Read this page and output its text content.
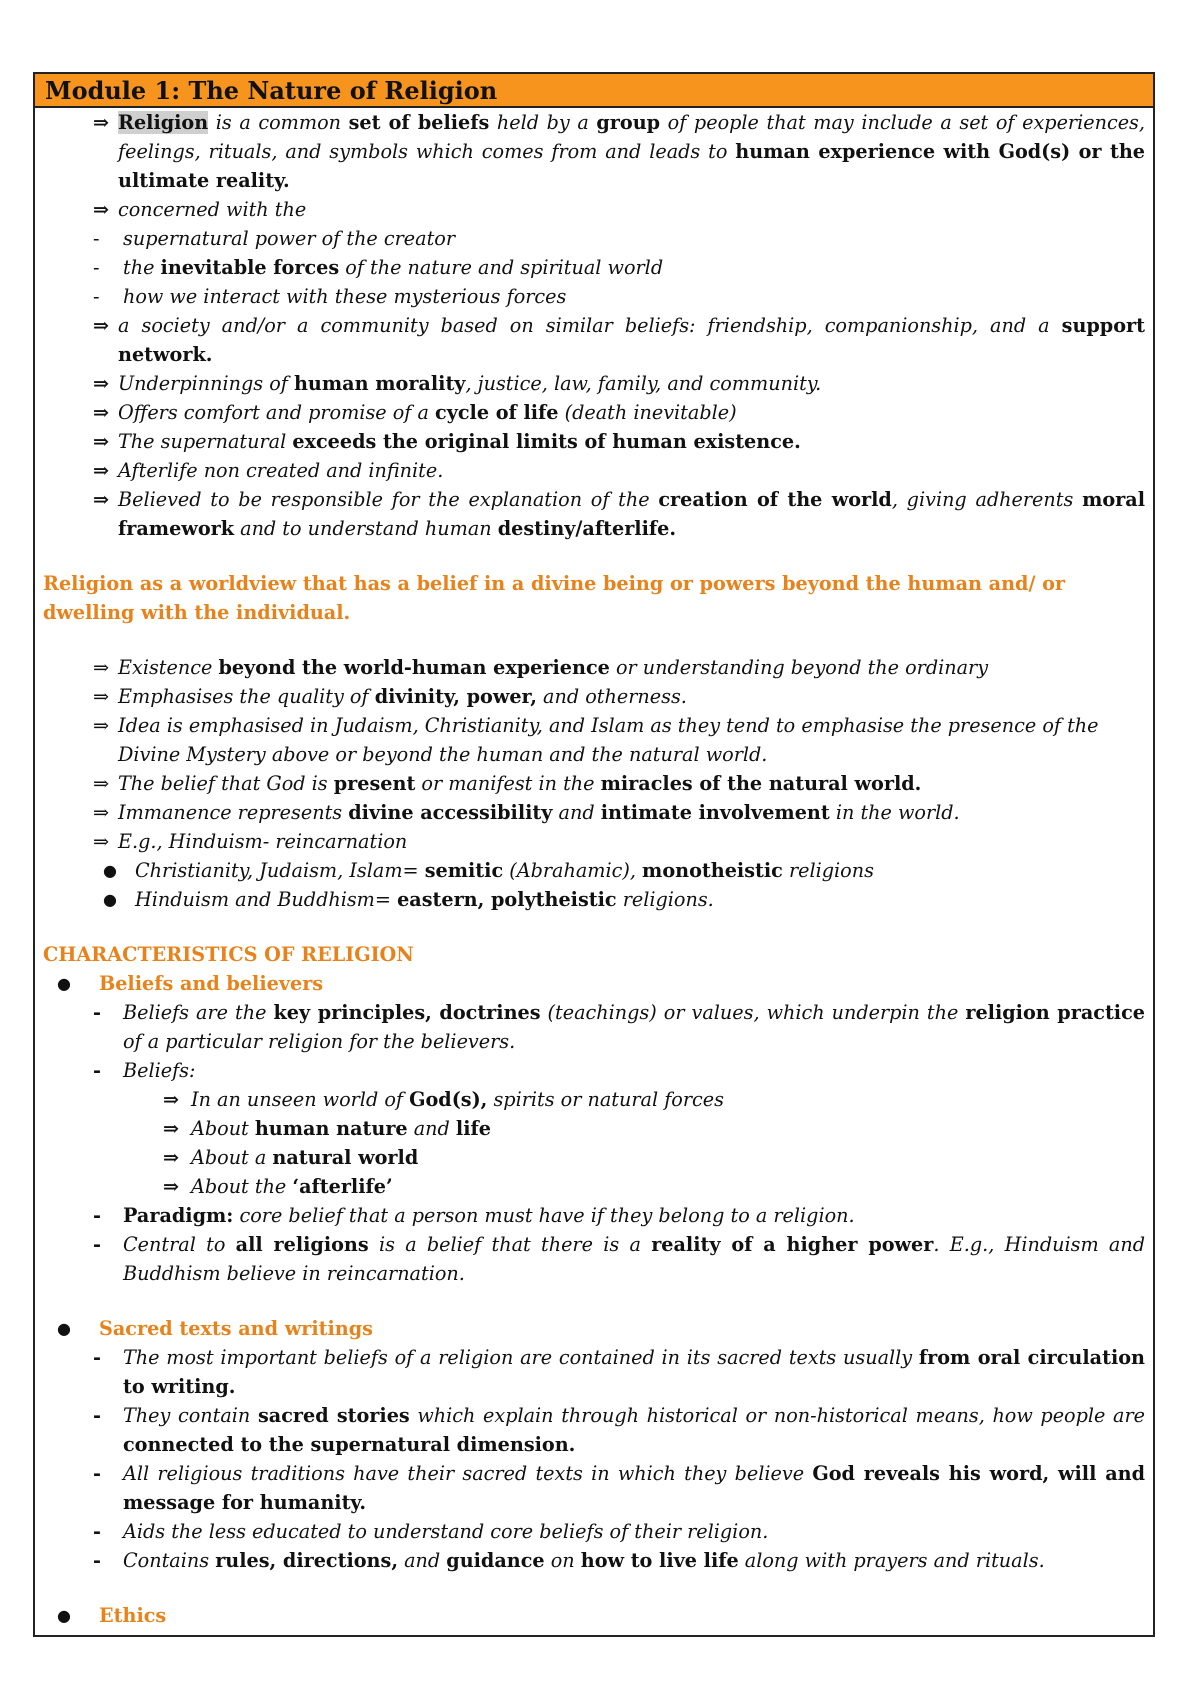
Module 1: The Nature of Religion
⇒ Religion is a common set of beliefs held by a group of people that may include a set of experiences, feelings, rituals, and symbols which comes from and leads to human experience with God(s) or the ultimate reality.
⇒ concerned with the
- supernatural power of the creator
- the inevitable forces of the nature and spiritual world
- how we interact with these mysterious forces
⇒ a society and/or a community based on similar beliefs: friendship, companionship, and a support network.
⇒ Underpinnings of human morality, justice, law, family, and community.
⇒ Offers comfort and promise of a cycle of life (death inevitable)
⇒ The supernatural exceeds the original limits of human existence.
⇒ Afterlife non created and infinite.
⇒ Believed to be responsible for the explanation of the creation of the world, giving adherents moral framework and to understand human destiny/afterlife.
Religion as a worldview that has a belief in a divine being or powers beyond the human and/ or dwelling with the individual.
⇒ Existence beyond the world-human experience or understanding beyond the ordinary
⇒ Emphasises the quality of divinity, power, and otherness.
⇒ Idea is emphasised in Judaism, Christianity, and Islam as they tend to emphasise the presence of the Divine Mystery above or beyond the human and the natural world.
⇒ The belief that God is present or manifest in the miracles of the natural world.
⇒ Immanence represents divine accessibility and intimate involvement in the world.
⇒ E.g., Hinduism- reincarnation
● Christianity, Judaism, Islam= semitic (Abrahamic), monotheistic religions
● Hinduism and Buddhism= eastern, polytheistic religions.
CHARACTERISTICS OF RELIGION
● Beliefs and believers
- Beliefs are the key principles, doctrines (teachings) or values, which underpin the religion practice of a particular religion for the believers.
- Beliefs:
⇒ In an unseen world of God(s), spirits or natural forces
⇒ About human nature and life
⇒ About a natural world
⇒ About the ‘afterlife’
- Paradigm: core belief that a person must have if they belong to a religion.
- Central to all religions is a belief that there is a reality of a higher power. E.g., Hinduism and Buddhism believe in reincarnation.
● Sacred texts and writings
- The most important beliefs of a religion are contained in its sacred texts usually from oral circulation to writing.
- They contain sacred stories which explain through historical or non-historical means, how people are connected to the supernatural dimension.
- All religious traditions have their sacred texts in which they believe God reveals his word, will and message for humanity.
- Aids the less educated to understand core beliefs of their religion.
- Contains rules, directions, and guidance on how to live life along with prayers and rituals.
● Ethics
